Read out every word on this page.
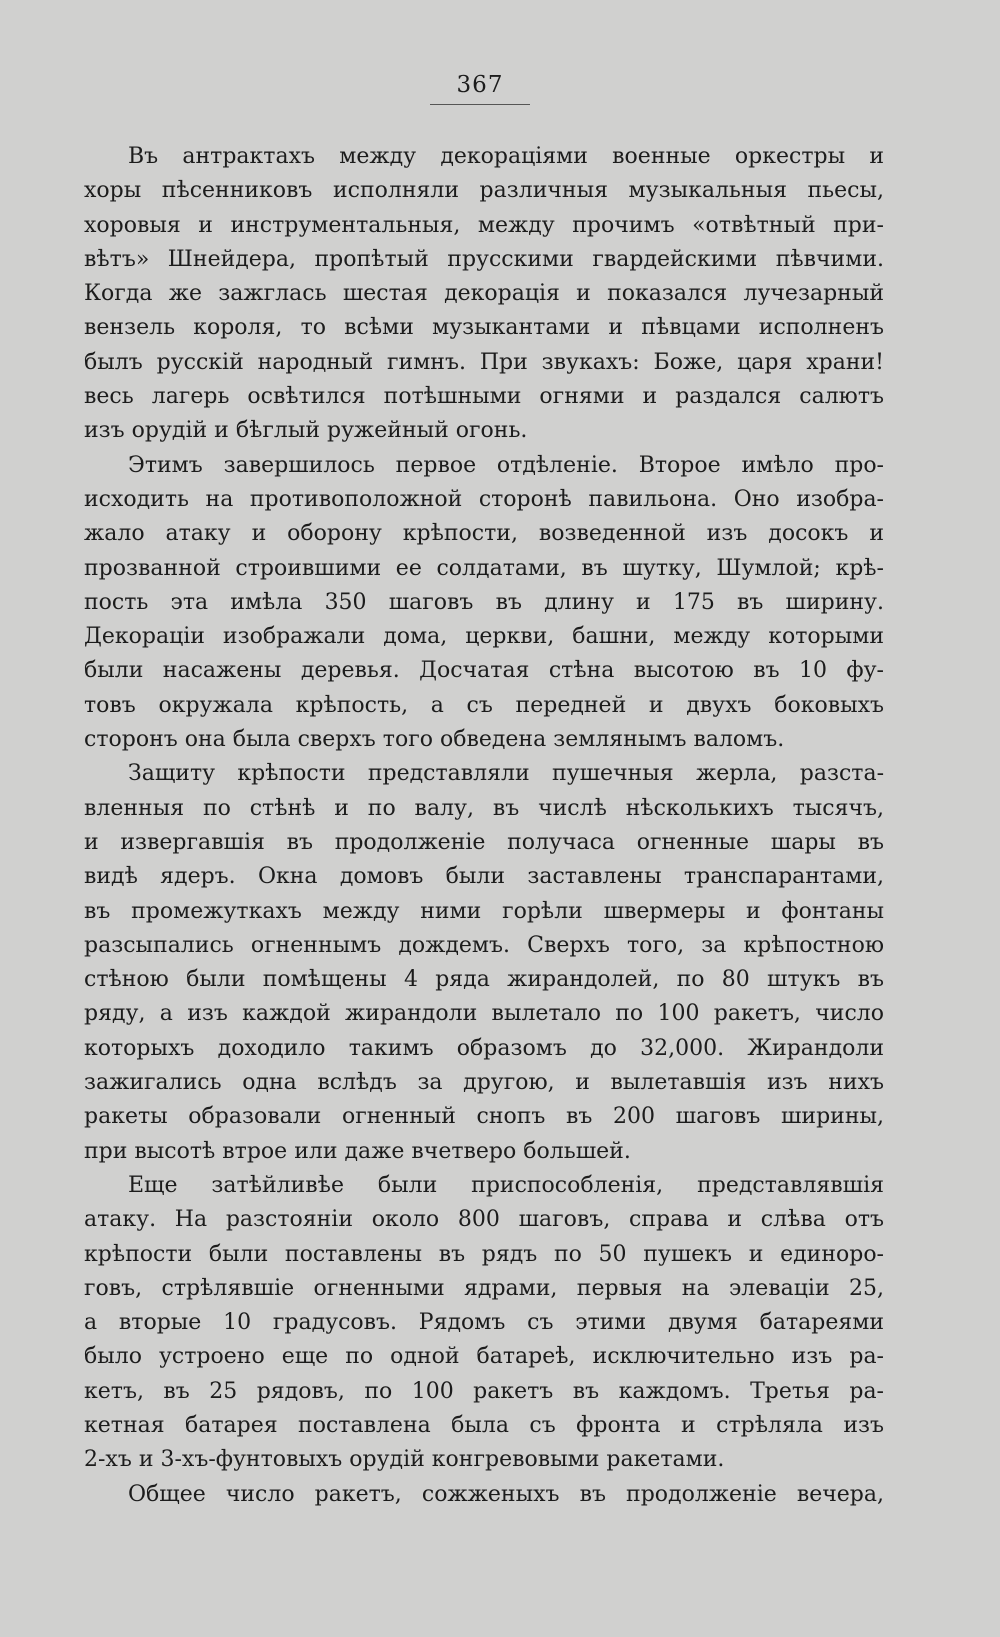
367
Въ антрактахъ между декораціями военные оркестры и
хоры пѣсенниковъ исполняли различныя музыкальныя пьесы,
хоровыя и инструментальныя, между прочимъ «отвѣтный при-
вѣтъ» Шнейдера, пропѣтый прусскими гвардейскими пѣвчими.
Когда же зажглась шестая декорація и показался лучезарный
вензель короля, то всѣми музыкантами и пѣвцами исполненъ
былъ русскій народный гимнъ. При звукахъ: Боже, царя храни!
весь лагерь освѣтился потѣшными огнями и раздался салютъ
изъ орудій и бѣглый ружейный огонь.
Этимъ завершилось первое отдѣленіе. Второе имѣло про-
исходить на противоположной сторонѣ павильона. Оно изобра-
жало атаку и оборону крѣпости, возведенной изъ досокъ и
прозванной строившими ее солдатами, въ шутку, Шумлой; крѣ-
пость эта имѣла 350 шаговъ въ длину и 175 въ ширину.
Декораціи изображали дома, церкви, башни, между которыми
были насажены деревья. Досчатая стѣна высотою въ 10 фу-
товъ окружала крѣпость, а съ передней и двухъ боковыхъ
сторонъ она была сверхъ того обведена землянымъ валомъ.
Защиту крѣпости представляли пушечныя жерла, разста-
вленныя по стѣнѣ и по валу, въ числѣ нѣсколькихъ тысячъ,
и извергавшія въ продолженіе получаса огненные шары въ
видѣ ядеръ. Окна домовъ были заставлены транспарантами,
въ промежуткахъ между ними горѣли швермеры и фонтаны
разсыпались огненнымъ дождемъ. Сверхъ того, за крѣпостною
стѣною были помѣщены 4 ряда жирандолей, по 80 штукъ въ
ряду, а изъ каждой жирандоли вылетало по 100 ракетъ, число
которыхъ доходило такимъ образомъ до 32,000. Жирандоли
зажигались одна вслѣдъ за другою, и вылетавшія изъ нихъ
ракеты образовали огненный снопъ въ 200 шаговъ ширины,
при высотѣ втрое или даже вчетверо большей.
Еще затѣйливѣе были приспособленія, представлявшія
атаку. На разстояніи около 800 шаговъ, справа и слѣва отъ
крѣпости были поставлены въ рядъ по 50 пушекъ и единоро-
говъ, стрѣлявшіе огненными ядрами, первыя на элеваціи 25,
а вторые 10 градусовъ. Рядомъ съ этими двумя батареями
было устроено еще по одной батареѣ, исключительно изъ ра-
кетъ, въ 25 рядовъ, по 100 ракетъ въ каждомъ. Третья ра-
кетная батарея поставлена была съ фронта и стрѣляла изъ
2-хъ и 3-хъ-фунтовыхъ орудій конгревовыми ракетами.
Общее число ракетъ, сожженыхъ въ продолженіе вечера,
